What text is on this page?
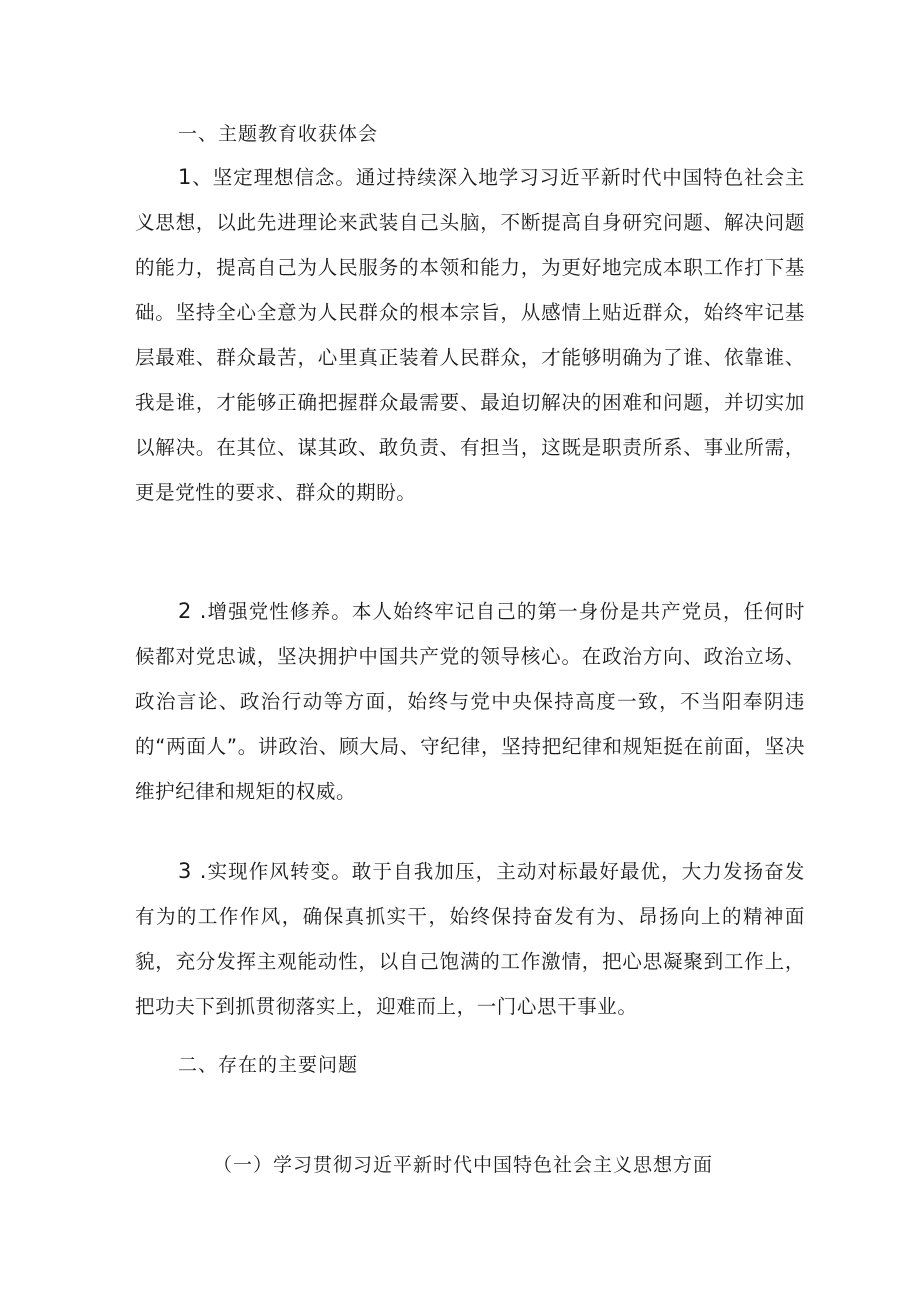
一、主题教育收获体会

1、坚定理想信念。通过持续深入地学习习近平新时代中国特色社会主义思想，以此先进理论来武装自己头脑，不断提高自身研究问题、解决问题的能力，提高自己为人民服务的本领和能力，为更好地完成本职工作打下基础。坚持全心全意为人民群众的根本宗旨，从感情上贴近群众，始终牢记基层最难、群众最苦，心里真正装着人民群众，才能够明确为了谁、依靠谁、我是谁，才能够正确把握群众最需要、最迫切解决的困难和问题，并切实加以解决。在其位、谋其政、敢负责、有担当，这既是职责所系、事业所需，更是党性的要求、群众的期盼。

2 .增强党性修养。本人始终牢记自己的第一身份是共产党员，任何时候都对党忠诚，坚决拥护中国共产党的领导核心。在政治方向、政治立场、政治言论、政治行动等方面，始终与党中央保持高度一致，不当阳奉阴违的“两面人”。讲政治、顾大局、守纪律，坚持把纪律和规矩挺在前面，坚决维护纪律和规矩的权威。

3 .实现作风转变。敢于自我加压，主动对标最好最优，大力发扬奋发有为的工作作风，确保真抓实干，始终保持奋发有为、昂扬向上的精神面貌，充分发挥主观能动性，以自己饱满的工作激情，把心思凝聚到工作上，把功夫下到抓贯彻落实上，迎难而上，一门心思干事业。

二、存在的主要问题
（一）学习贯彻习近平新时代中国特色社会主义思想方面
